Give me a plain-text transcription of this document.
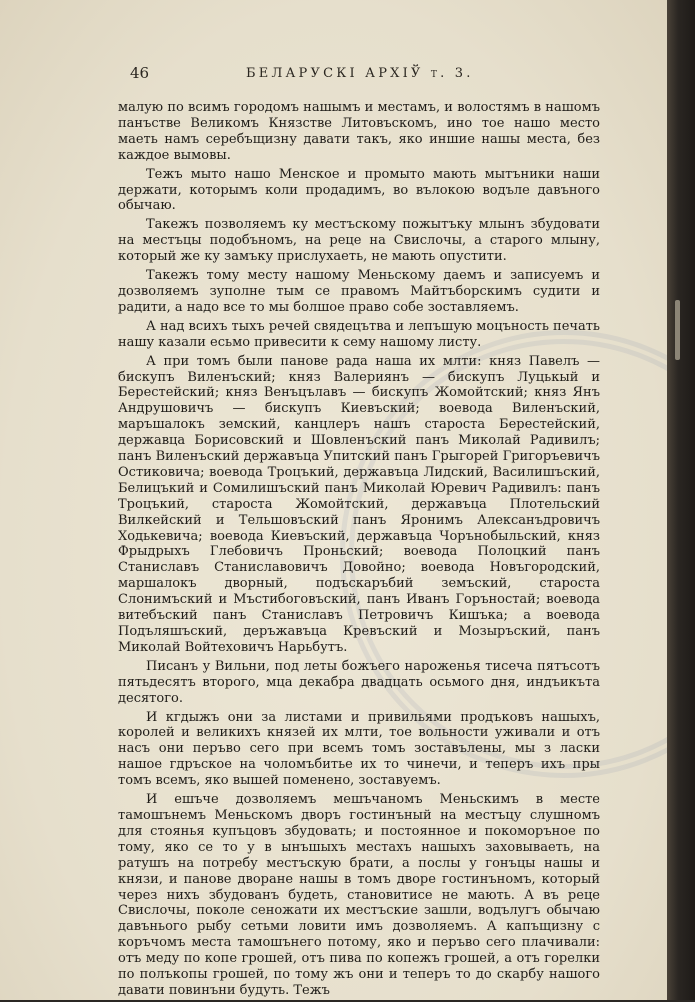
46	БЕЛАРУСКІ АРХІЎ т. 3.

малую по всимъ городомъ нашымъ и местамъ, и волостямъ в нашомъ панъстве Великомъ Князстве Литовъскомъ, ино тое нашо место маеть намъ серебъщизну давати такъ, яко иншие нашы места, без каждое вымовы.

Тежъ мыто нашо Менское и промыто мають мытъники наши держати, которымъ коли продадимъ, во вълокою водъле давъного обычаю.

Такежъ позволяемъ ку местъскому пожытъку млынъ збудовати на местъцы подобъномъ, на реце на Свислочы, а старого млыну, который же ку замъку прислухаеть, не мають опустити.

Такежъ тому месту нашому Меньскому даемъ и записуемъ и дозволяемъ зуполне тым се правомъ Майтъборскимъ судити и радити, а надо все то мы болшое право собе зоставляемъ.

А над всихъ тыхъ речей свядецътва и лепъшую моцъность печать нашу казали есьмо привесити к сему нашому листу.

А при томъ были панове рада наша их млти: княз Павелъ — бискупъ Виленъский; княз Валериянъ — бискупъ Луцькый и Берестейский; княз Венъцълавъ — бискупъ Жомойтский; княз Янъ Андрушовичъ — бискупъ Киевъский; воевода Виленъский, маръшалокъ земский, канцлеръ нашъ староста Берестейский, державца Борисовский и Шовленъский панъ Миколай Радивилъ; панъ Виленъский державъца Упитский панъ Грыгорей Григоръевичъ Остиковича; воевода Троцъкий, державъца Лидский, Василишъский, Белицъкий и Сомилишъский панъ Миколай Юревич Радивилъ: панъ Троцъкий, староста Жомойтский, державъца Плотельский Вилкейский и Тельшовъский панъ Яронимъ Алексанъдровичъ Ходькевича; воевода Киевъский, державъца Чорънобыльский, княз Фрыдрыхъ Глебовичъ Проньский; воевода Полоцкий панъ Станиславъ Станиславовичъ Довойно; воевода Новъгородский, маршалокъ дворный, подъскаръбий земъский, староста Слонимъский и Мъстибоговъский, панъ Иванъ Горъностай; воевода витебъский панъ Станиславъ Петровичъ Кишъка; а воевода Подъляшъский, деръжавъца Кревъский и Мозыръский, панъ Миколай Войтеховичъ Нарьбутъ.

Писанъ у Вильни, под леты божъего нароженья тисеча пятъсотъ пятьдесятъ второго, мца декабра двадцать осьмого дня, индъикъта десятого.

И кгдыжъ они за листами и привильями продъковъ нашыхъ, королей и великихъ князей их млти, тое вольности уживали и отъ насъ они перъво сего при всемъ томъ зоставълены, мы з ласки нашое гдръское на чоломъбитье их то чинечи, и теперъ ихъ пры томъ всемъ, яко вышей поменено, зоставуемъ.

И ешъче дозволяемъ мешъчаномъ Меньскимъ в месте тамошънемъ Меньскомъ дворъ гостинъный на местъцу слушномъ для стоянья купъцовъ збудовать; и постоянное и покоморъное по тому, яко се то у в ынъшыхъ местахъ нашыхъ заховываеть, на ратушъ на потребу местъскую брати, а послы у гонъцы нашы и князи, и панове дворане нашы в томъ дворе гостинъномъ, который через нихъ збудованъ будеть, становитисе не мають. А въ реце Свислочы, поколе сеножати их местъские зашли, водълугъ обычаю давънього рыбу сетьми ловити имъ дозволяемъ. А капъщизну с коръчомъ места тамошънего потому, яко и перъво сего плачивали: отъ меду по копе грошей, отъ пива по копежъ грошей, а отъ горелки по полъкопы грошей, по тому жъ они и теперъ то до скарбу нашого давати повинъни будуть. Тежъ
